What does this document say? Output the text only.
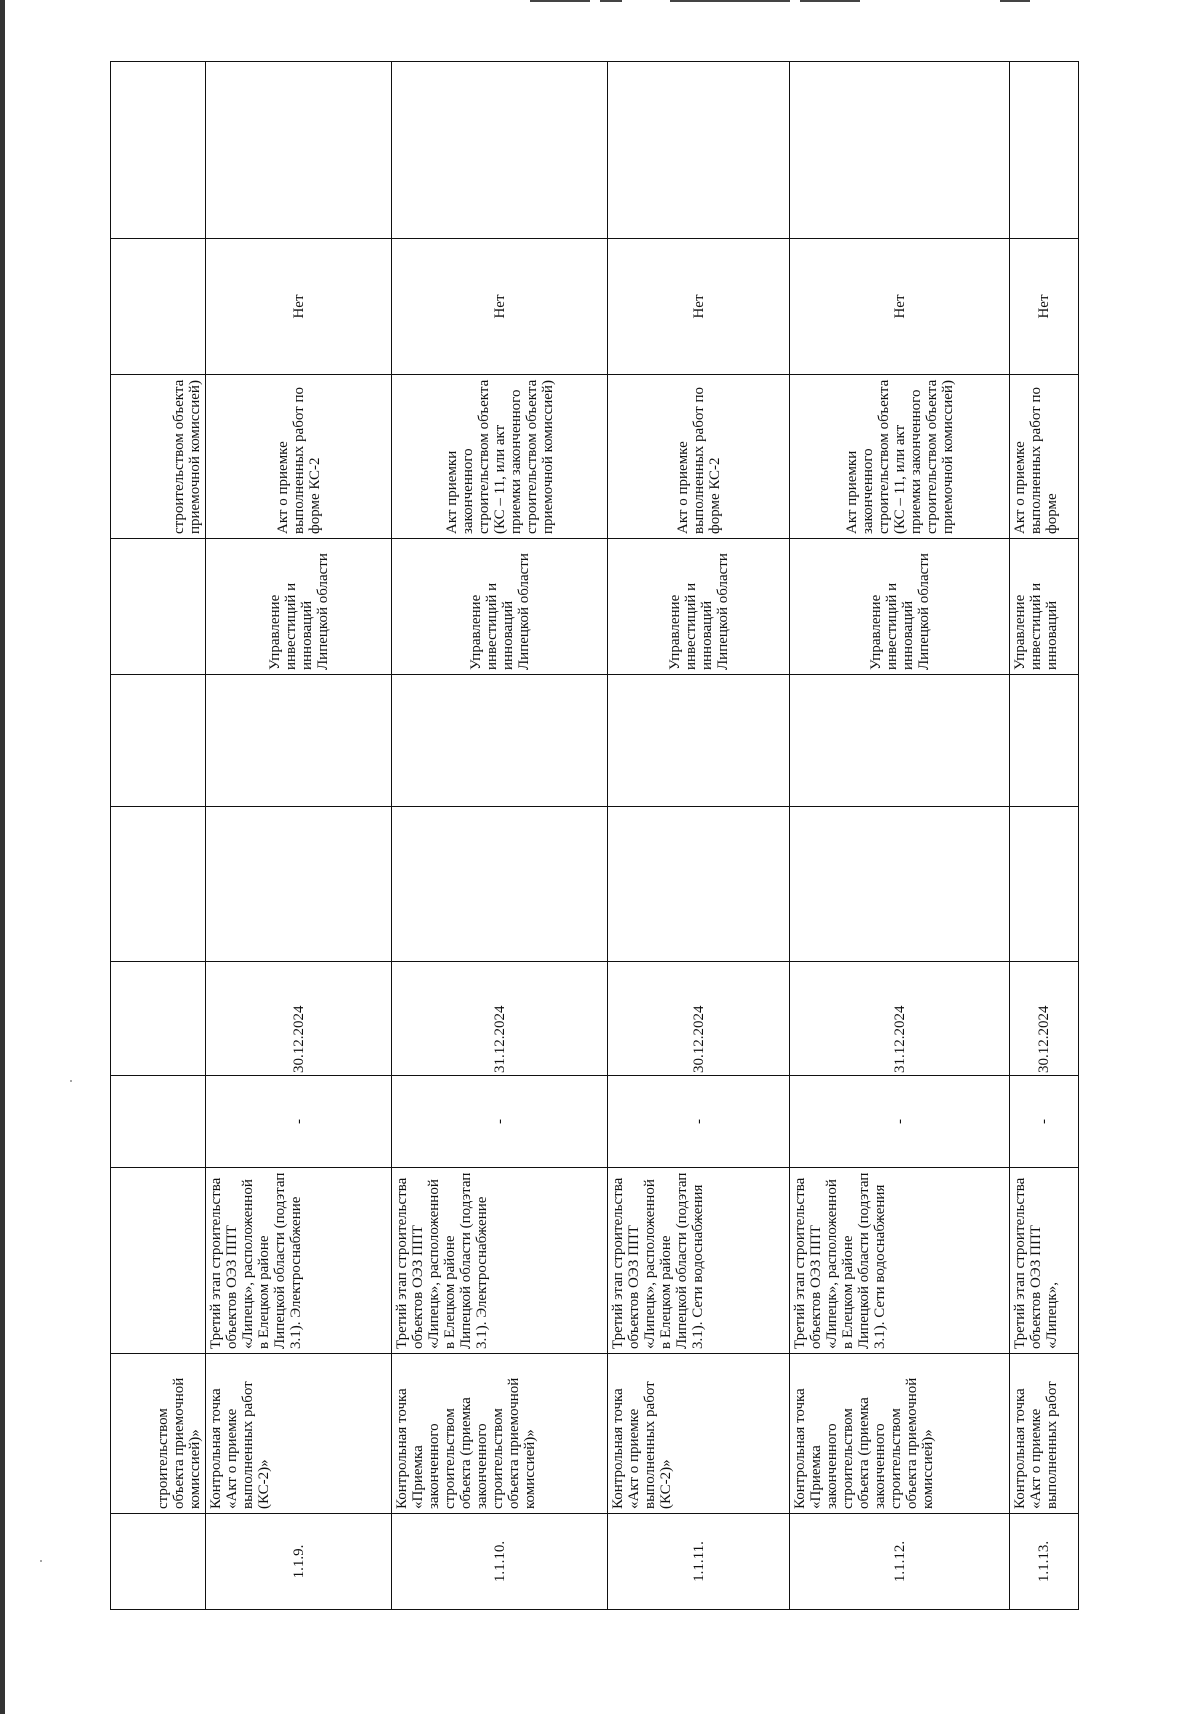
	строительством объекта приемочной комиссией)»							строительством объекта приемочной комиссией)		
1.1.9.	Контрольная точка «Акт о приемке выполненных работ (КС-2)»	Третий этап строительства объектов ОЭЗ ППТ «Липецк», расположенной в Елецком районе Липецкой области (подэтап 3.1). Электроснабжение	-	30.12.2024			Управление инвестиций и инноваций Липецкой области	Акт о приемке выполненных работ по форме КС-2	Нет	
1.1.10.	Контрольная точка «Приемка законченного строительством объекта (приемка законченного строительством объекта приемочной комиссией)»	Третий этап строительства объектов ОЭЗ ППТ «Липецк», расположенной в Елецком районе Липецкой области (подэтап 3.1). Электроснабжение	-	31.12.2024			Управление инвестиций и инноваций Липецкой области	Акт приемки законченного строительством объекта (КС – 11, или акт приемки законченного строительством объекта приемочной комиссией)	Нет	
1.1.11.	Контрольная точка «Акт о приемке выполненных работ (КС-2)»	Третий этап строительства объектов ОЭЗ ППТ «Липецк», расположенной в Елецком районе Липецкой области (подэтап 3.1). Сети водоснабжения	-	30.12.2024			Управление инвестиций и инноваций Липецкой области	Акт о приемке выполненных работ по форме КС-2	Нет	
1.1.12.	Контрольная точка «Приемка законченного строительством объекта (приемка законченного строительством объекта приемочной комиссией)»	Третий этап строительства объектов ОЭЗ ППТ «Липецк», расположенной в Елецком районе Липецкой области (подэтап 3.1). Сети водоснабжения	-	31.12.2024			Управление инвестиций и инноваций Липецкой области	Акт приемки законченного строительством объекта (КС – 11, или акт приемки законченного строительством объекта приемочной комиссией)	Нет	
1.1.13.	Контрольная точка «Акт о приемке выполненных работ	Третий этап строительства объектов ОЭЗ ППТ «Липецк»,	-	30.12.2024			Управление инвестиций и инноваций	Акт о приемке выполненных работ по форме	Нет	
